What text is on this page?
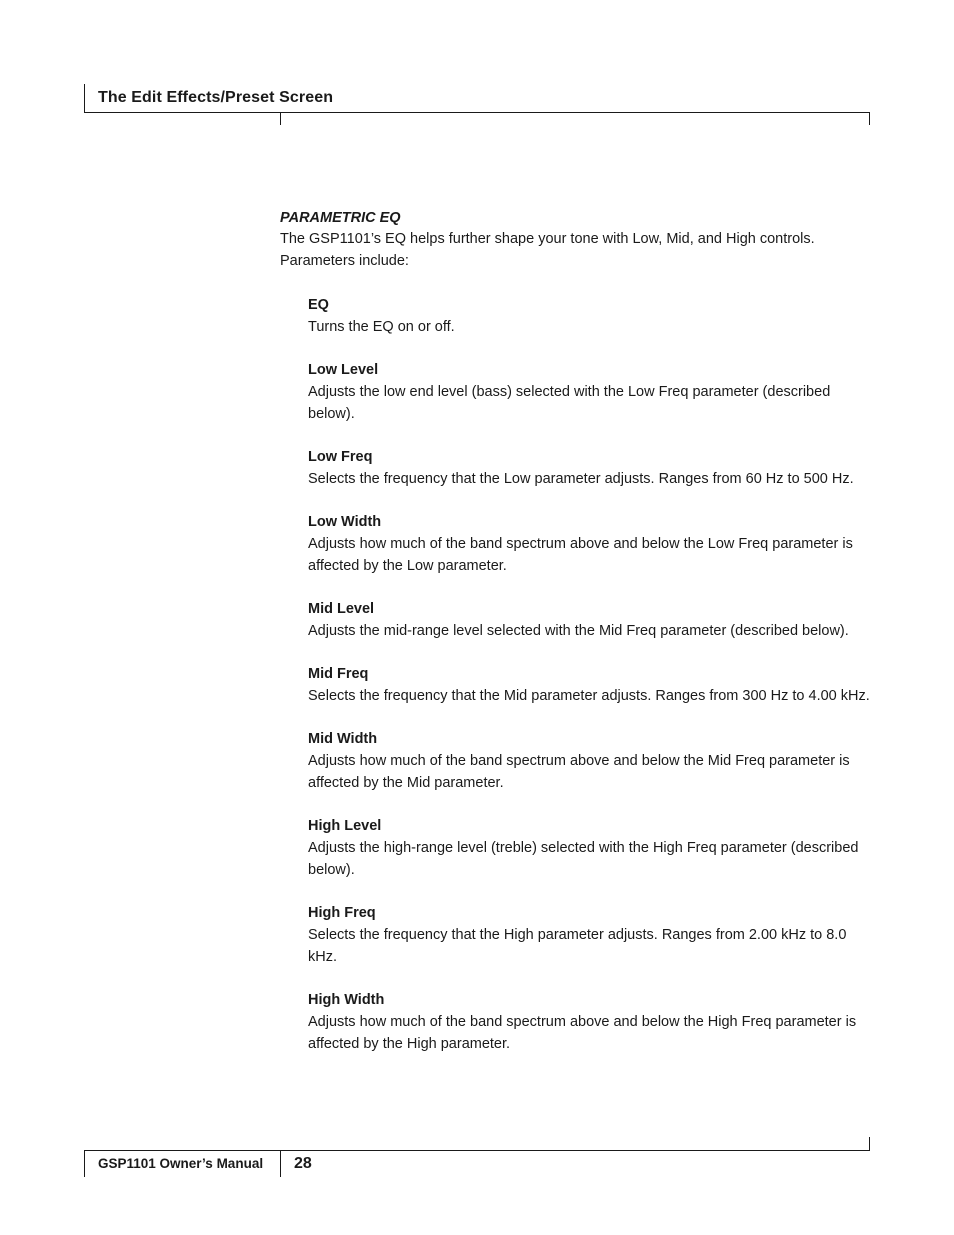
The Edit Effects/Preset Screen

PARAMETRIC EQ

The GSP1101’s EQ helps further shape your tone with Low, Mid, and High controls. Parameters include:

EQ

Turns the EQ on or off.

Low Level

Adjusts the low end level (bass) selected with the Low Freq parameter (described below).

Low Freq

Selects the frequency that the Low parameter adjusts. Ranges from 60 Hz to 500 Hz.

Low Width

Adjusts how much of the band spectrum above and below the Low Freq parameter is affected by the Low parameter.

Mid Level

Adjusts the mid-range level selected with the Mid Freq parameter (described below).

Mid Freq

Selects the frequency that the Mid parameter adjusts. Ranges from 300 Hz to 4.00 kHz.

Mid Width

Adjusts how much of the band spectrum above and below the Mid Freq parameter is affected by the Mid parameter.

High Level

Adjusts the high-range level (treble) selected with the High Freq parameter (described below).

High Freq

Selects the frequency that the High parameter adjusts. Ranges from 2.00 kHz to 8.0 kHz.

High Width

Adjusts how much of the band spectrum above and below the High Freq parameter is affected by the High parameter.

GSP1101 Owner’s Manual 28
